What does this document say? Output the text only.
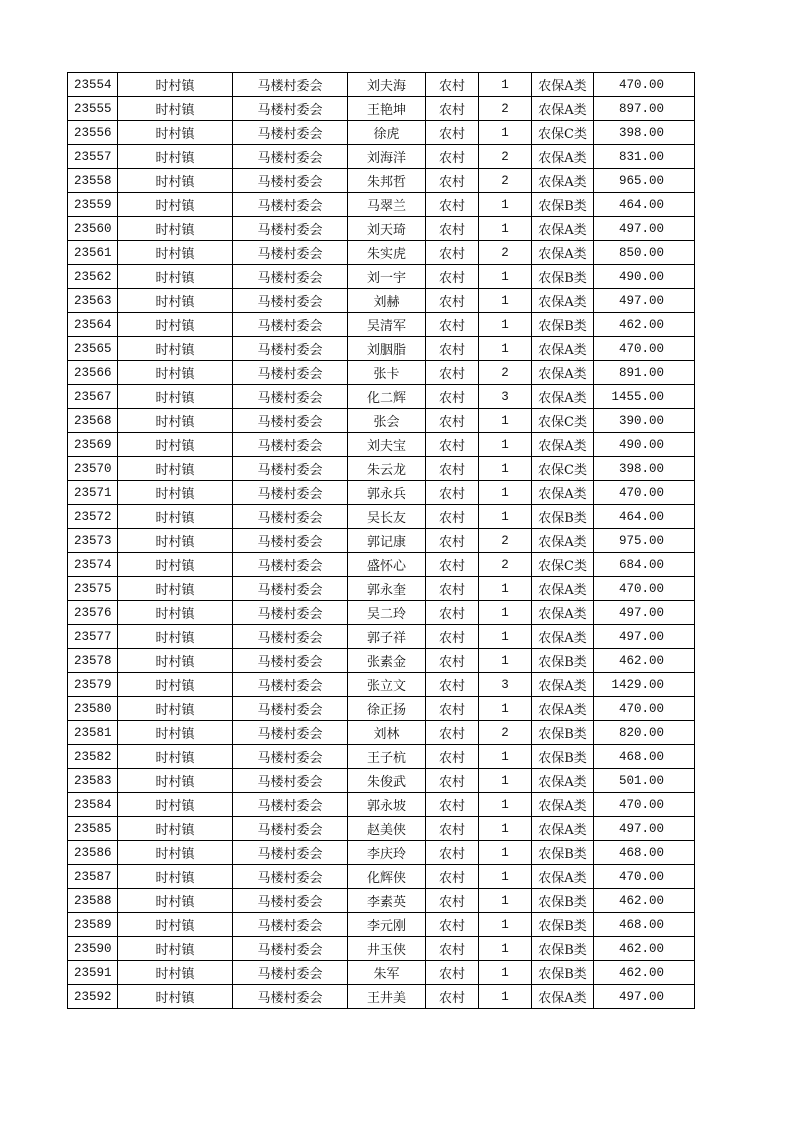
23554	时村镇	马楼村委会	刘夫海	农村	1	农保A类	470.00
23555	时村镇	马楼村委会	王艳坤	农村	2	农保A类	897.00
23556	时村镇	马楼村委会	徐虎	农村	1	农保C类	398.00
23557	时村镇	马楼村委会	刘海洋	农村	2	农保A类	831.00
23558	时村镇	马楼村委会	朱邦哲	农村	2	农保A类	965.00
23559	时村镇	马楼村委会	马翠兰	农村	1	农保B类	464.00
23560	时村镇	马楼村委会	刘天琦	农村	1	农保A类	497.00
23561	时村镇	马楼村委会	朱实虎	农村	2	农保A类	850.00
23562	时村镇	马楼村委会	刘一宇	农村	1	农保B类	490.00
23563	时村镇	马楼村委会	刘赫	农村	1	农保A类	497.00
23564	时村镇	马楼村委会	吴清军	农村	1	农保B类	462.00
23565	时村镇	马楼村委会	刘胭脂	农村	1	农保A类	470.00
23566	时村镇	马楼村委会	张卡	农村	2	农保A类	891.00
23567	时村镇	马楼村委会	化二辉	农村	3	农保A类	1455.00
23568	时村镇	马楼村委会	张会	农村	1	农保C类	390.00
23569	时村镇	马楼村委会	刘夫宝	农村	1	农保A类	490.00
23570	时村镇	马楼村委会	朱云龙	农村	1	农保C类	398.00
23571	时村镇	马楼村委会	郭永兵	农村	1	农保A类	470.00
23572	时村镇	马楼村委会	吴长友	农村	1	农保B类	464.00
23573	时村镇	马楼村委会	郭记康	农村	2	农保A类	975.00
23574	时村镇	马楼村委会	盛怀心	农村	2	农保C类	684.00
23575	时村镇	马楼村委会	郭永奎	农村	1	农保A类	470.00
23576	时村镇	马楼村委会	吴二玲	农村	1	农保A类	497.00
23577	时村镇	马楼村委会	郭子祥	农村	1	农保A类	497.00
23578	时村镇	马楼村委会	张素金	农村	1	农保B类	462.00
23579	时村镇	马楼村委会	张立文	农村	3	农保A类	1429.00
23580	时村镇	马楼村委会	徐正扬	农村	1	农保A类	470.00
23581	时村镇	马楼村委会	刘林	农村	2	农保B类	820.00
23582	时村镇	马楼村委会	王子杭	农村	1	农保B类	468.00
23583	时村镇	马楼村委会	朱俊武	农村	1	农保A类	501.00
23584	时村镇	马楼村委会	郭永坡	农村	1	农保A类	470.00
23585	时村镇	马楼村委会	赵美侠	农村	1	农保A类	497.00
23586	时村镇	马楼村委会	李庆玲	农村	1	农保B类	468.00
23587	时村镇	马楼村委会	化辉侠	农村	1	农保A类	470.00
23588	时村镇	马楼村委会	李素英	农村	1	农保B类	462.00
23589	时村镇	马楼村委会	李元刚	农村	1	农保B类	468.00
23590	时村镇	马楼村委会	井玉侠	农村	1	农保B类	462.00
23591	时村镇	马楼村委会	朱军	农村	1	农保B类	462.00
23592	时村镇	马楼村委会	王井美	农村	1	农保A类	497.00
